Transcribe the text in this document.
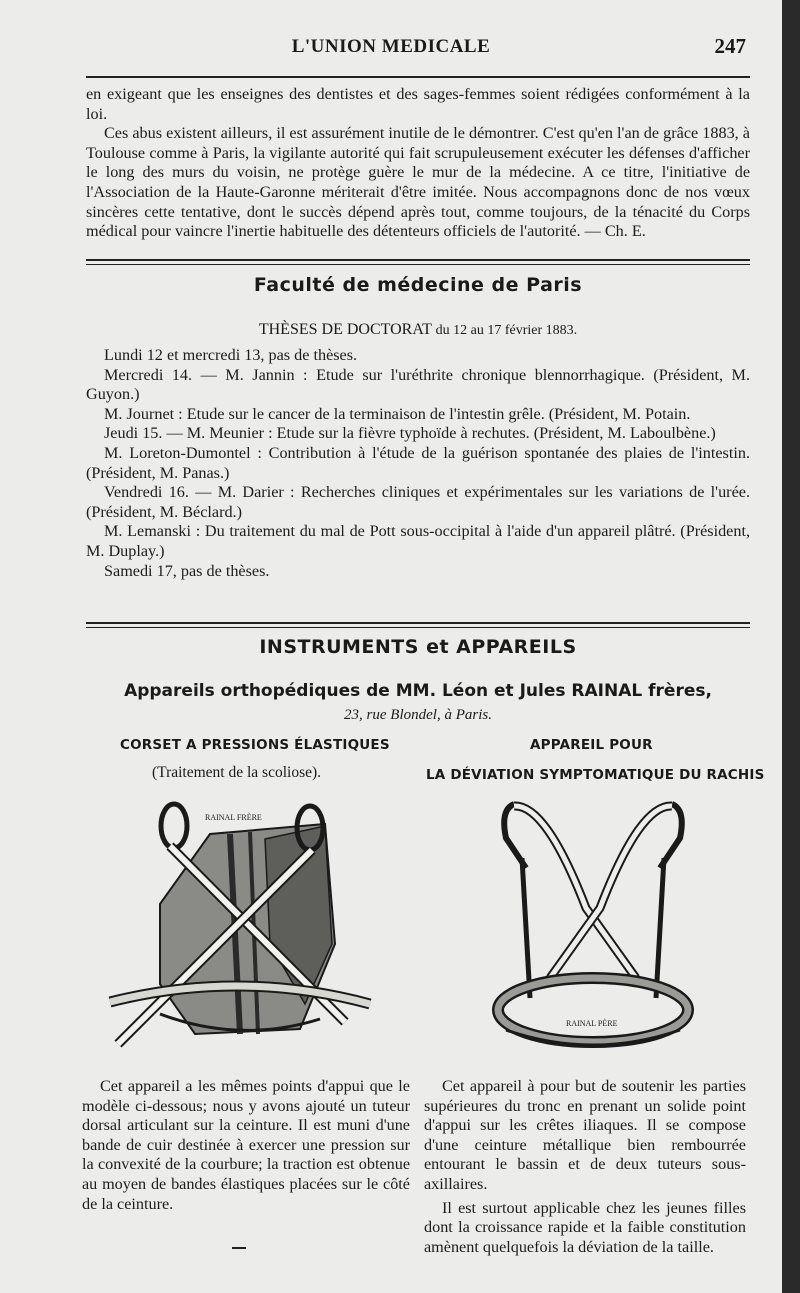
L'UNION MEDICALE	247

en exigeant que les enseignes des dentistes et des sages-femmes soient rédigées conformément à la loi.

Ces abus existent ailleurs, il est assurément inutile de le démontrer. C'est qu'en l'an de grâce 1883, à Toulouse comme à Paris, la vigilante autorité qui fait scrupuleusement exécuter les défenses d'afficher le long des murs du voisin, ne protège guère le mur de la médecine. A ce titre, l'initiative de l'Association de la Haute-Garonne mériterait d'être imitée. Nous accompagnons donc de nos vœux sincères cette tentative, dont le succès dépend après tout, comme toujours, de la ténacité du Corps médical pour vaincre l'inertie habituelle des détenteurs officiels de l'autorité. — Ch. E.

Faculté de médecine de Paris
THÈSES DE DOCTORAT du 12 au 17 février 1883.

Lundi 12 et mercredi 13, pas de thèses.

Mercredi 14. — M. Jannin : Etude sur l'uréthrite chronique blennorrhagique. (Président, M. Guyon.)

M. Journet : Etude sur le cancer de la terminaison de l'intestin grêle. (Président, M. Potain.

Jeudi 15. — M. Meunier : Etude sur la fièvre typhoïde à rechutes. (Président, M. Laboulbène.)

M. Loreton-Dumontel : Contribution à l'étude de la guérison spontanée des plaies de l'intestin. (Président, M. Panas.)

Vendredi 16. — M. Darier : Recherches cliniques et expérimentales sur les variations de l'urée. (Président, M. Béclard.)

M. Lemanski : Du traitement du mal de Pott sous-occipital à l'aide d'un appareil plâtré. (Président, M. Duplay.)

Samedi 17, pas de thèses.

INSTRUMENTS et APPAREILS
Appareils orthopédiques de MM. Léon et Jules RAINAL frères,
23, rue Blondel, à Paris.
CORSET A PRESSIONS ÉLASTIQUES
(Traitement de la scoliose).
APPAREIL POUR
LA DÉVIATION SYMPTOMATIQUE DU RACHIS
RAINAL FRÈRE
RAINAL PÈRE

Cet appareil a les mêmes points d'appui que le modèle ci-dessous; nous y avons ajouté un tuteur dorsal articulant sur la ceinture. Il est muni d'une bande de cuir destinée à exercer une pression sur la convexité de la courbure; la traction est obtenue au moyen de bandes élastiques placées sur le côté de la ceinture.

Cet appareil à pour but de soutenir les parties supérieures du tronc en prenant un solide point d'appui sur les crêtes iliaques. Il se compose d'une ceinture métallique bien rembourrée entourant le bassin et de deux tuteurs sous-axillaires.

Il est surtout applicable chez les jeunes filles dont la croissance rapide et la faible constitution amènent quelquefois la déviation de la taille.
